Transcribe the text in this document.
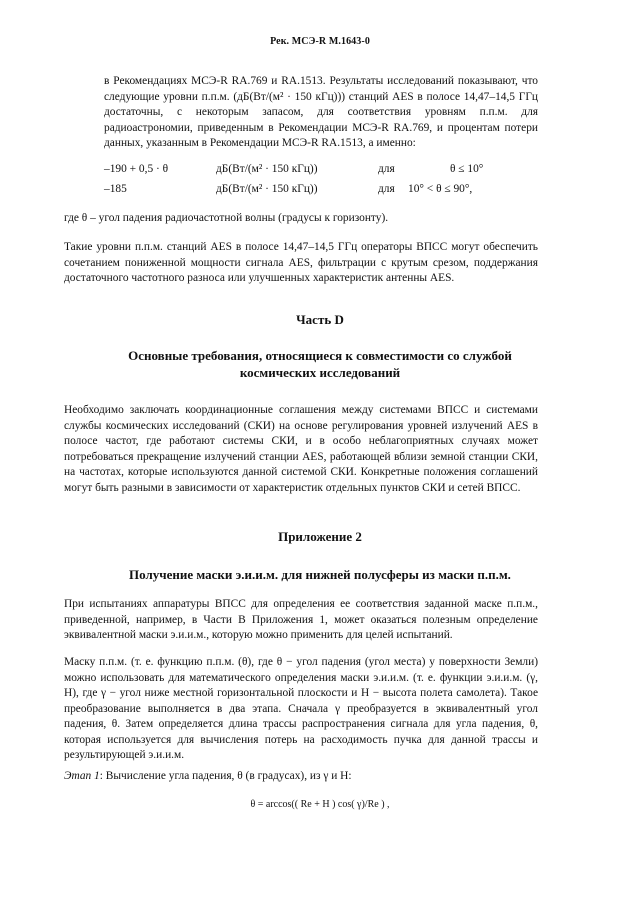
Рек. МСЭ-R M.1643-0

в Рекомендациях МСЭ-R RA.769 и RA.1513. Результаты исследований показывают, что следующие уровни п.п.м. (дБ(Вт/(м² · 150 кГц))) станций AES в полосе 14,47–14,5 ГГц достаточны, с некоторым запасом, для соответствия уровням п.п.м. для радиоастрономии, приведенным в Рекомендации МСЭ-R RA.769, и процентам потери данных, указанным в Рекомендации МСЭ-R RA.1513, а именно:

–190 + 0,5 · θ	дБ(Вт/(м² · 150 кГц))	для	θ ≤ 10°
–185	дБ(Вт/(м² · 150 кГц))	для 10° < θ ≤ 90°,

где θ – угол падения радиочастотной волны (градусы к горизонту).

Такие уровни п.п.м. станций AES в полосе 14,47–14,5 ГГц операторы ВПСС могут обеспечить сочетанием пониженной мощности сигнала AES, фильтрации с крутым срезом, поддержания достаточного частотного разноса или улучшенных характеристик антенны AES.

Часть D
Основные требования, относящиеся к совместимости со службой
космических исследований

Необходимо заключать координационные соглашения между системами ВПСС и системами службы космических исследований (СКИ) на основе регулирования уровней излучений AES в полосе частот, где работают системы СКИ, и в особо неблагоприятных случаях может потребоваться прекращение излучений станции AES, работающей вблизи земной станции СКИ, на частотах, которые используются данной системой СКИ. Конкретные положения соглашений могут быть разными в зависимости от характеристик отдельных пунктов СКИ и сетей ВПСС.

Приложение 2
Получение маски э.и.и.м. для нижней полусферы из маски п.п.м.

При испытаниях аппаратуры ВПСС для определения ее соответствия заданной маске п.п.м., приведенной, например, в Части B Приложения 1, может оказаться полезным определение эквивалентной маски э.и.и.м., которую можно применить для целей испытаний.

Маску п.п.м. (т. е. функцию п.п.м. (θ), где θ − угол падения (угол места) у поверхности Земли) можно использовать для математического определения маски э.и.и.м. (т. е. функции э.и.и.м. (γ, H), где γ − угол ниже местной горизонтальной плоскости и H − высота полета самолета). Такое преобразование выполняется в два этапа. Сначала γ преобразуется в эквивалентный угол падения, θ. Затем определяется длина трассы распространения сигнала для угла падения, θ, которая используется для вычисления потерь на расходимость пучка для данной трассы и результирующей э.и.и.м.

Этап 1: Вычисление угла падения, θ (в градусах), из γ и H:
θ = arccos(( Re + H ) cos( γ)/Re ) ,
